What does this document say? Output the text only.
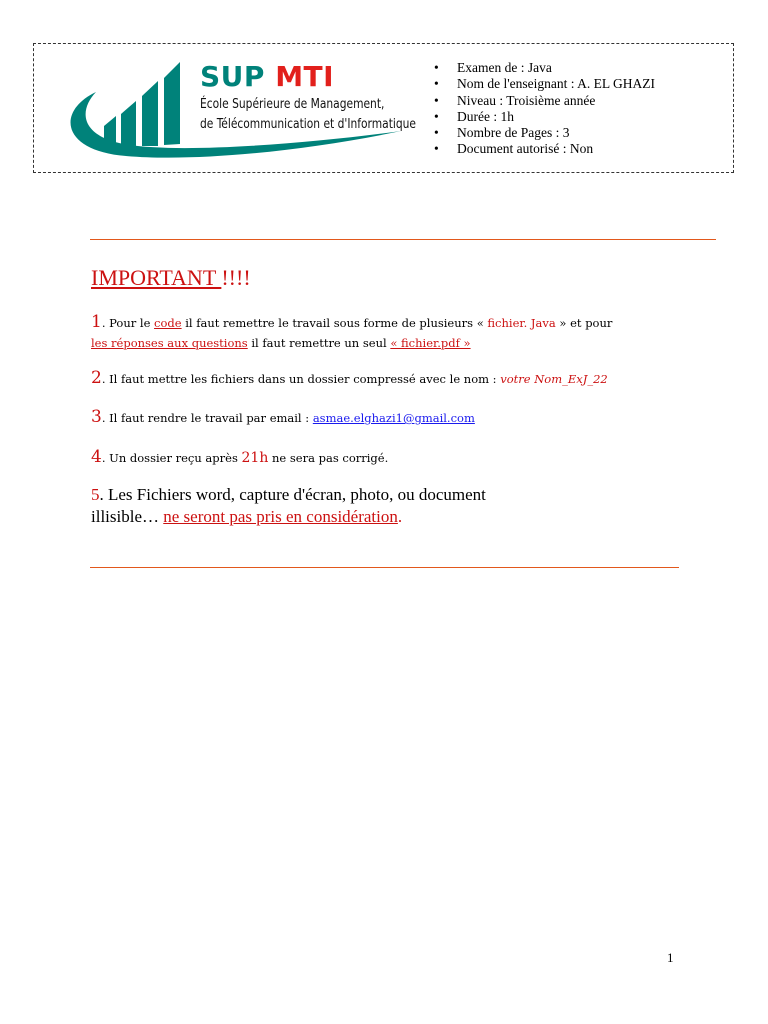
SUP MTI
École Supérieure de Management,
de Télécommunication et d'Informatique
• Examen de : Java
• Nom de l'enseignant : A. EL GHAZI
• Niveau : Troisième année
• Durée : 1h
• Nombre de Pages : 3
• Document autorisé : Non
IMPORTANT !!!!
1. Pour le code il faut remettre le travail sous forme de plusieurs « fichier. Java » et pour
les réponses aux questions il faut remettre un seul « fichier.pdf »
2. Il faut mettre les fichiers dans un dossier compressé avec le nom : votre Nom_ExJ_22
3. Il faut rendre le travail par email : asmae.elghazi1@gmail.com
4. Un dossier reçu après 21h ne sera pas corrigé.
5. Les Fichiers word, capture d'écran, photo, ou document
illisible… ne seront pas pris en considération.
1
